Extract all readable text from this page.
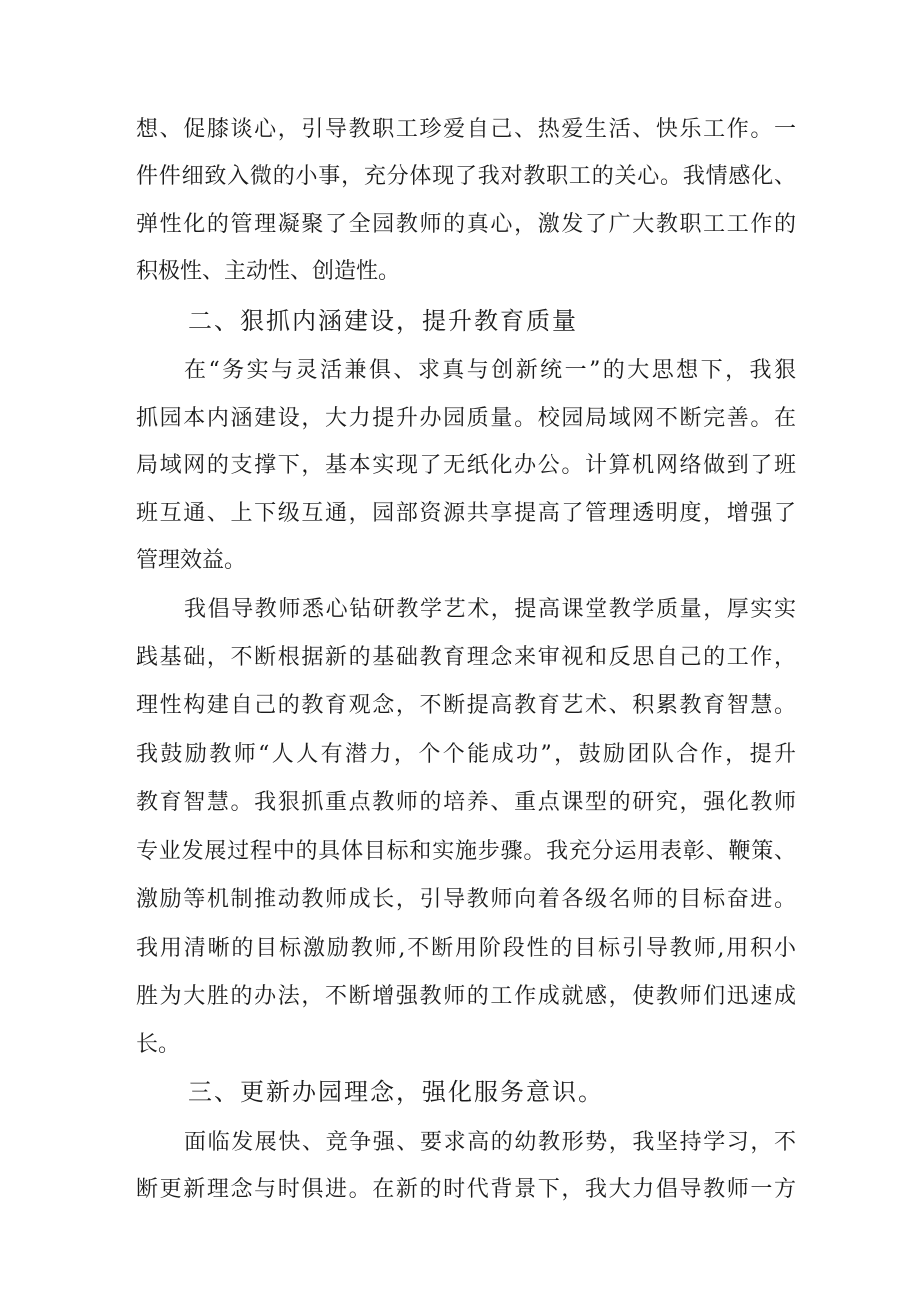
想、促膝谈心，引导教职工珍爱自己、热爱生活、快乐工作。一
件件细致入微的小事，充分体现了我对教职工的关心。我情感化、
弹性化的管理凝聚了全园教师的真心，激发了广大教职工工作的
积极性、主动性、创造性。
二、狠抓内涵建设，提升教育质量
在“务实与灵活兼俱、求真与创新统一”的大思想下，我狠
抓园本内涵建设，大力提升办园质量。校园局域网不断完善。在
局域网的支撑下，基本实现了无纸化办公。计算机网络做到了班
班互通、上下级互通，园部资源共享提高了管理透明度，增强了
管理效益。
我倡导教师悉心钻研教学艺术，提高课堂教学质量，厚实实
践基础，不断根据新的基础教育理念来审视和反思自己的工作，
理性构建自己的教育观念，不断提高教育艺术、积累教育智慧。
我鼓励教师“人人有潜力，个个能成功”，鼓励团队合作，提升
教育智慧。我狠抓重点教师的培养、重点课型的研究，强化教师
专业发展过程中的具体目标和实施步骤。我充分运用表彰、鞭策、
激励等机制推动教师成长，引导教师向着各级名师的目标奋进。
我用清晰的目标激励教师,不断用阶段性的目标引导教师,用积小
胜为大胜的办法，不断增强教师的工作成就感，使教师们迅速成
长。
三、更新办园理念，强化服务意识。
面临发展快、竞争强、要求高的幼教形势，我坚持学习，不
断更新理念与时俱进。在新的时代背景下，我大力倡导教师一方
